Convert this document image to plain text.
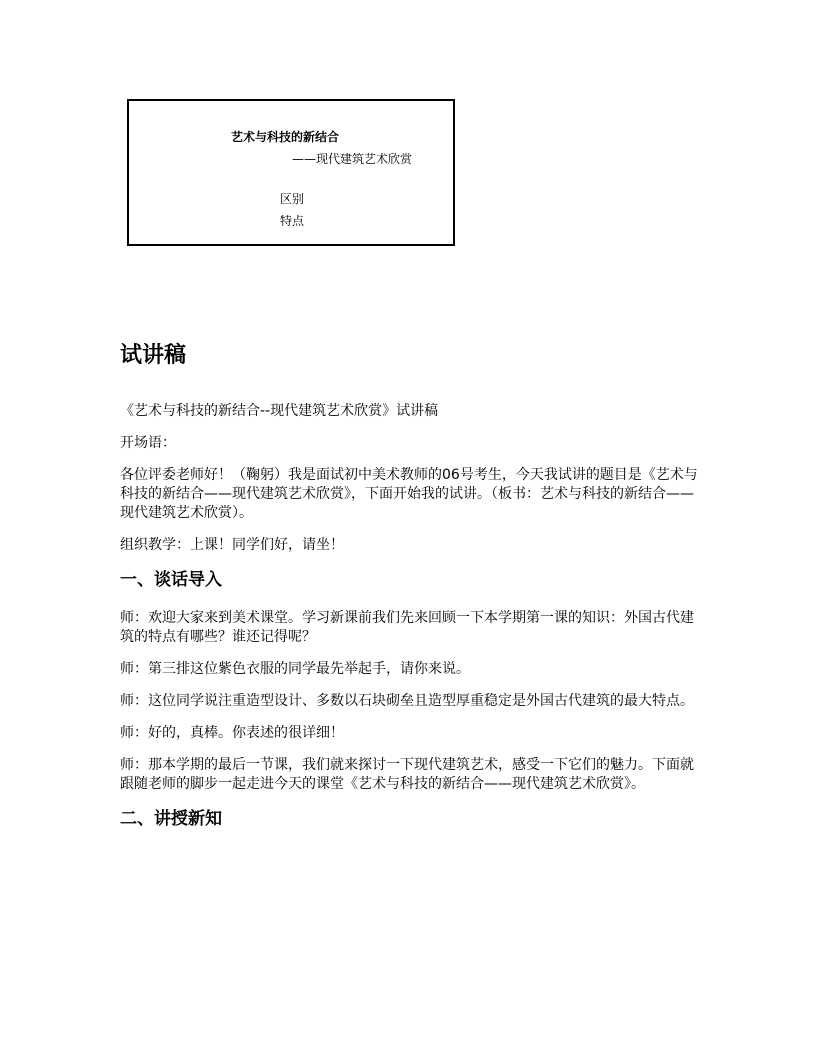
艺术与科技的新结合
——现代建筑艺术欣赏
区别
特点
试讲稿

《艺术与科技的新结合--现代建筑艺术欣赏》试讲稿

开场语：

各位评委老师好！（鞠躬）我是面试初中美术教师的06号考生，今天我试讲的题目是《艺术与科技的新结合——现代建筑艺术欣赏》，下面开始我的试讲。（板书：艺术与科技的新结合——现代建筑艺术欣赏）。

组织教学：上课！同学们好，请坐！

一、谈话导入

师：欢迎大家来到美术课堂。学习新课前我们先来回顾一下本学期第一课的知识：外国古代建筑的特点有哪些？谁还记得呢？

师：第三排这位紫色衣服的同学最先举起手，请你来说。

师：这位同学说注重造型设计、多数以石块砌垒且造型厚重稳定是外国古代建筑的最大特点。

师：好的，真棒。你表述的很详细！

师：那本学期的最后一节课，我们就来探讨一下现代建筑艺术，感受一下它们的魅力。下面就跟随老师的脚步一起走进今天的课堂《艺术与科技的新结合——现代建筑艺术欣赏》。

二、讲授新知
